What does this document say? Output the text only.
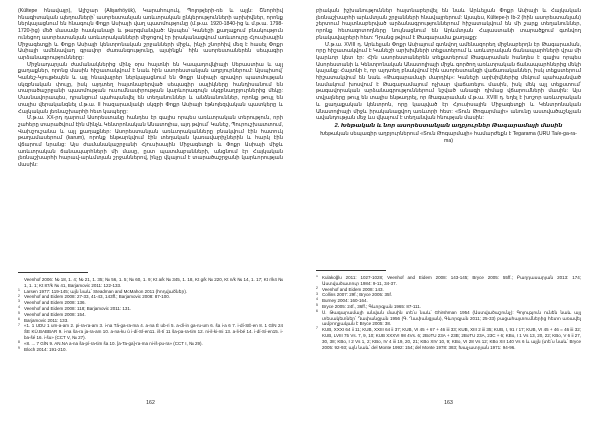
(Kültepe հնավայր), Ալիշար (Alişarhöyük), Կարահույուկ, Պոլոթլերի-ռե և այլն: Շնորհիվ հնագիտական պեղումների՝ ասորեստանյան առևտրական ընկերությունների արխիվներ, որոնք ներկայացնում են հնագույն Փոքր Ասիայի վաղ պատմությունը (մ.թ.ա. 1920-1840-ից և մ.թ.ա. 1798-1720-ից) մեծ մասամբ հասկանալի և թարգմանված: Այսպես՝ Կանեշի քաղաքում բնակություն ունեցող ասորեստանյան առևտրականների միջոցով էր իրականացվում առևտուրը Հյուսիսային Միջագետքի և Փոքր Ասիայի կենտրոնական շրջանների միջև, ինչի շնորհիվ մեզ է հասել Փոքր Ասիայի ամենավաղ գրավոր ժառանգությունը, այսինքն՝ հին ասորեստաներեն սեպագիր արձանագրությունները:

Միջնադարյան ժամանակներից մինչ օրս հայտնի են Կապադովկիայի Սեբաստիա և այլ քաղաքներ, որոնց մասին հիշատակվում է նաև հին ասորեստանյան աղբյուրներում: Այսպիսով՝ Կանեշ-Կյուլթեպեն և այլ հնավայրեր ներկայացնում են Փոքր Ասիայի գրավոր պատմության սկզբնական փուլը, իսկ այդտեղ հայտնաբերված սեպագիր սալիկները հանդիսանում են տարածաշրջանի պատմության ուսումնասիրության կարևորագույն սկզբնաղբյուրներից մեկը: Մասնավորապես, դրանցում պահպանվել են տեղանուններ և անձնանուններ, որոնք թույլ են տալիս վերականգնել մ.թ.ա. II հազարամյակի սկզբի Փոքր Ասիայի էթնոլեզվական պատկերը և Հայկական լեռնաշխարհի հետ կապերը:

Մ.թ.ա. XX-րդ դարում Ասորեստանը հանդես էր գալիս որպես առևտրական տերություն, որի շահերը տարածվում էին մինչև Կենտրոնական Անատոլիա, այդ թվում՝ Կանեշ, Պուրուշխատտում, Վախշուշանա և այլ քաղաքներ: Ասորեստանյան առևտրականները բնակվում էին հատուկ թաղամասերում (karum), որոնք ենթարկվում էին տեղական կառավարիչներին և հարկ էին վճարում նրանց: Այս ժամանակաշրջանի Հյուսիսային Միջագետքի և Փոքր Ասիայի միջև առևտրական ճանապարհների մի մասը, ըստ պատմաբանների, անցնում էր Հայկական լեռնաշխարհի հարավ-արևմտյան շրջաններով, ինչը վկայում է տարածաշրջանի կարևորության մասին:

Veenhof 2006: № 18, 1. 4; № 21, 1. 35; № 56, 1. 5; № 60, 1. 9; Kt a/k № 345, 1. 18, Kt g/k № 220, Kt n/k № 14, 1. 17; Kt r/k4 № 1, 1. 1; Kt 87/k № 41, Barjamovic 2011: 122-133.
1 Larsen 1977: 119-145; այն նաև՝ Steadman and McMahon 2011 (հոդվածներ).
2 Veenhof and Eidem 2008: 27-33, 41-43, 143ff.; Barjamovic 2008: 87-100.
3 Veenhof and Eidem 2008: 136.
4 Veenhof and Eidem 2008: 118; Barjamovic 2011: 131.
5 Veenhof and Eidem 2008: 154.
6 Barjamovic 2011: 133.
7 «1. 1 UDU 1 um-a-am 2. pi-ra-ra-am 3. i-na Tá-ga-ra-ma 4. a-na É ub-ri 5. a-dí-in ga-ru-um 6. ša i-a 6 7. i-dí-SÉ-en 8. 1 GÍN 24 ŠE KÙ.BABBAR 9. i-na ša-ra ja-ra-am 10. a-na-ku ù i-dí-SÍ-en11. iš-tí 11 ša-pa-ra-tim 12. ni-il-ki-mi 13. a-li-bé 14. i-dí-Sí-en15. i-ba-šé 16. i-šu» (CCT V, № 27).
8 «8. ... 7 GÍN 9. AN.NA a-na ša-pí-ra-tim ša 10. [a-Ta-ga]-ra-ma ni-iš-pu-ra» (CCT I, № 29).
9 Bloch 2014: 191-210.
162

բիական իշխանություններ հայտնաբերվել են նաև Արևելյան Փոքր Ասիայի և Հայկական լեռնաշխարհի արևմտյան շրջանների հնավայրերում: Այսպես, Kültepe-ի Ib-2 (հին ասորեստանյան) շերտում հայտնաբերված արձանագրություններում հիշատակվում են մի շարք տեղանուններ, որոնք հետազոտողները նույնացնում են Արևմտյան Հայաստանի տարածքում գտնվող բնակավայրերի հետ: Դրանց թվում է Թագարամա քաղաքը:

Մ.թ.ա. XVIII դ. Արևելյան Փոքր Ասիայում գտնվող ամենազորեղ միջնաբերդն էր Թագարաման, որը հիշատակվում է Կանեշի արխիվների տեքստերում և առևտրական ճանապարհների վրա մի կարևոր կետ էր: Հին ասորեստաներեն տեքստերում Թագարաման հանդես է գալիս որպես Ասորեստանի և Կենտրոնական Անատոլիայի միջև գործող առևտրական ճանապարհներից մեկի կայանք: Հայտնի է, որ այդտեղ բնակվում էին ասորեստանցի վաճառականներ, իսկ տեքստերում հիշատակվում են նաև «Թագարամայի մարդիկ»: Կանեշի արխիվներից մեկում պահպանված նամակում խոսվում է Թագարամայում ոչխար վաճառելու մասին, իսկ մեկ այլ տեքստում՝ թագավորական արձանագրություններում նշված անագի դիմաց վճարումների մասին: Այս տվյալները թույլ են տալիս ենթադրել, որ Թագարաման մ.թ.ա. XVIII դ. եղել է խոշոր առևտրական և քաղաքական կենտրոն, որը կապված էր Հյուսիսային Միջագետքի և Կենտրոնական Անատոլիայի միջև իրականացվող առևտրի հետ: «Տուն Թոգարմայի» անունը աստվածաշնչյան ավանդության մեջ ևս վկայում է տեղանվան հնության մասին:

2. Խեթական և նոր ասորեստանյան աղբյուրներ Թագարամայի մասին
Խեթական սեպագիր աղբյուրներում «Տուն Թոգարմայի» համարժեքն է Tegarama (URU Ta/e-ga-ra-ma)
1 Kulakoğlu 2011: 1027-1028; Veenhof and Eidem 2008: 143-145; Bryce 2005: 55ff.; Բաղդասարյան 2013: 174; Աստվածատուր 1984: 9-11, 34-37.
2 Veenhof and Eidem 2008: 143.
3 Collins 2007: 29f.; Bryce 2005: 35f.
4 Burney 2004: 160-164.
5 Bryce 2005: 24f., 36ff.; Գևորգյան 1965: 87-111.
6 Ս. Թագարամայի անվան մասին տե՛ս նաև՝ Ghirshman 1954 (Աստվածաշունչ): Գոյություն ունեն նաև այլ տեսակետներ՝ Ղափանցյան 1956 (Գ. Ղափանցյան), Գևորգյան 2011; 25-33) բացահայտումներից հետո առավել ամբողջական է Bryce 2005: 38.
7 KUB, XXXI 64 ii 11; KUB, XXIII 64 ii 37; KUB, VI 45 + 67 + 46 iii 33; KUB, XIII 2 iii 35; KUB, I, 91 r 17; KUB, VI 45 + 46 = 46 iii 32; KUB, LVIII 75 Vs. 7, 9, 10; KUB XXXVI 98 4Vs. 6; 2BoTU 23A + 23B; 2BoTU 23A, 23C + 6; KBo, I 1 Vs 13, 20, 22; KBo, V 6 ii 27, 30, 38; KBo, I 2 Vs 1, 2; KBo, IV 4 iii 19, 20, 21; KBo XIV 10, 9; KBo, VI 28 Vs 12; KBo XII 140 Vs 6 և այլն (տե՛ս նաև՝ Bryce 2005: 92-93; այն նաև՝ del Monte 1992: 154; del Monte 1978: 383; Խաչատրյան 1971: 94-96.
163
